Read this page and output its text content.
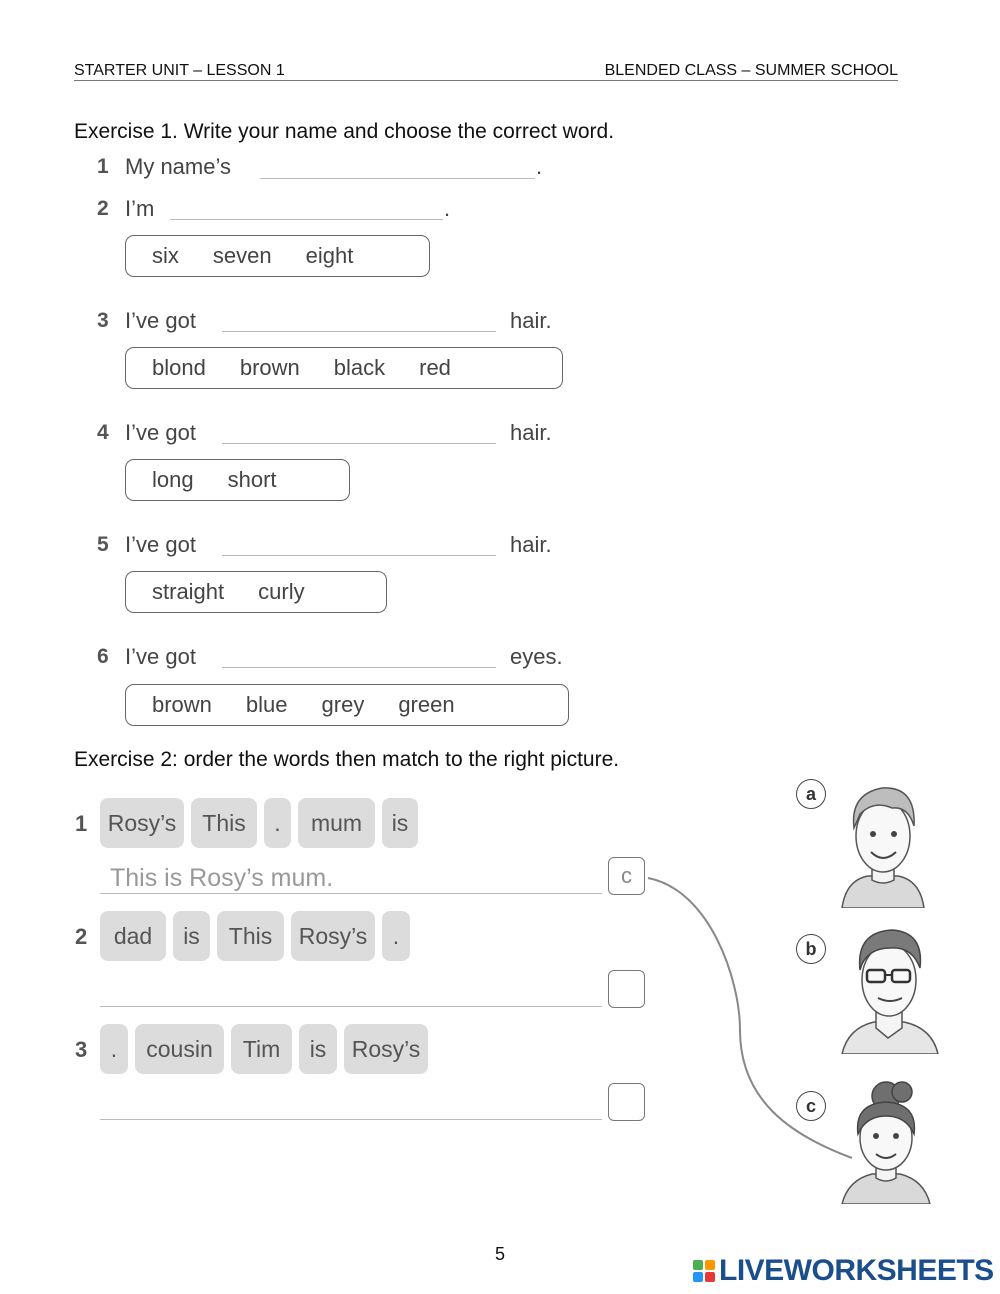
STARTER UNIT – LESSON 1	BLENDED CLASS – SUMMER SCHOOL
Exercise 1. Write your name and choose the correct word.
1 My name’s	.
2 I’m	.
six seven eight
3 I’ve got	hair.
blond brown black red
4 I’ve got	hair.
long short
5 I’ve got	hair.
straight curly
6 I’ve got	eyes.
brown blue grey green
Exercise 2: order the words then match to the right picture.
1 Rosy’s	This	.	mum	is
This is Rosy’s mum.	c
2	dad	is	This	Rosy’s	.
3	.	cousin	Tim	is	Rosy’s
a
b
c
5	LIVEWORKSHEETS
